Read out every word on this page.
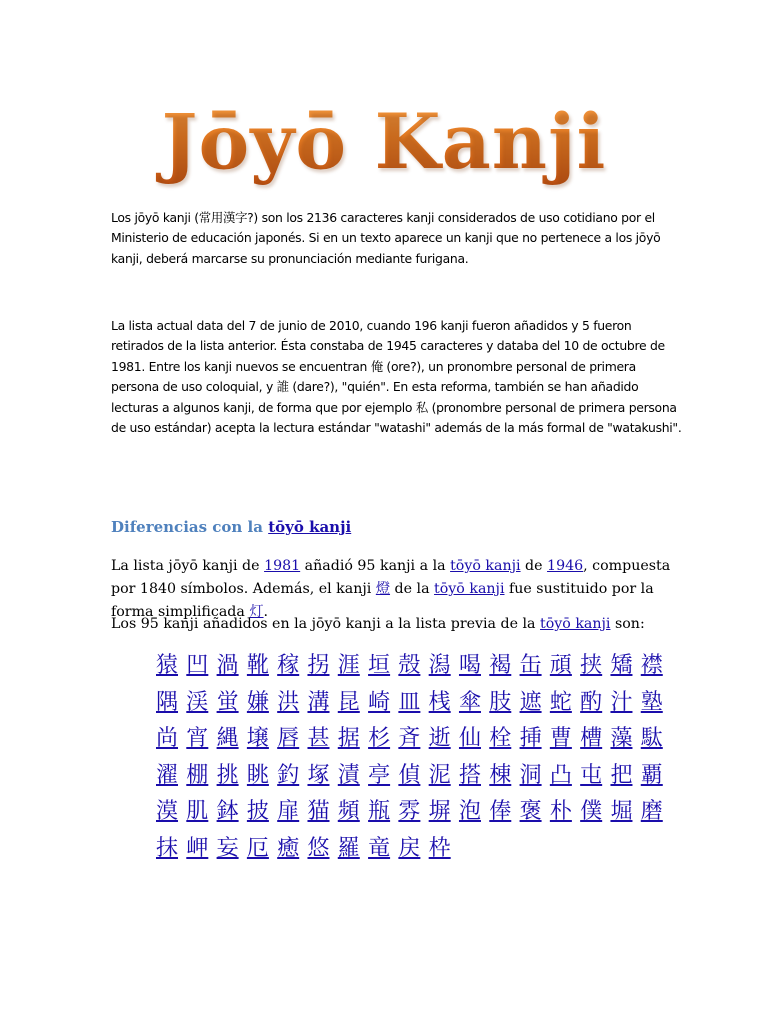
Jōyō Kanji
Los jōyō kanji (常用漢字?) son los 2136 caracteres kanji considerados de uso cotidiano por el Ministerio de educación japonés. Si en un texto aparece un kanji que no pertenece a los jōyō kanji, deberá marcarse su pronunciación mediante furigana.
La lista actual data del 7 de junio de 2010, cuando 196 kanji fueron añadidos y 5 fueron retirados de la lista anterior. Ésta constaba de 1945 caracteres y databa del 10 de octubre de 1981. Entre los kanji nuevos se encuentran 俺 (ore?), un pronombre personal de primera persona de uso coloquial, y 誰 (dare?), "quién". En esta reforma, también se han añadido lecturas a algunos kanji, de forma que por ejemplo 私 (pronombre personal de primera persona de uso estándar) acepta la lectura estándar "watashi" además de la más formal de "watakushi".
Diferencias con la tōyō kanji
La lista jōyō kanji de 1981 añadió 95 kanji a la tōyō kanji de 1946, compuesta por 1840 símbolos. Además, el kanji 燈 de la tōyō kanji fue sustituido por la forma simplificada 灯.
Los 95 kanji añadidos en la jōyō kanji a la lista previa de la tōyō kanji son:
猿 凹 渦 靴 稼 拐 涯 垣 殻 潟 喝 褐 缶 頑 挟 矯 襟
隅 渓 蛍 嫌 洪 溝 昆 崎 皿 桟 傘 肢 遮 蛇 酌 汁 塾
尚 宵 縄 壌 唇 甚 据 杉 斉 逝 仙 栓 挿 曹 槽 藻 駄
濯 棚 挑 眺 釣 塚 漬 亭 偵 泥 搭 棟 洞 凸 屯 把 覇
漠 肌 鉢 披 扉 猫 頻 瓶 雰 塀 泡 俸 褒 朴 僕 堀 磨
抹 岬 妄 厄 癒 悠 羅 竜 戻 枠
